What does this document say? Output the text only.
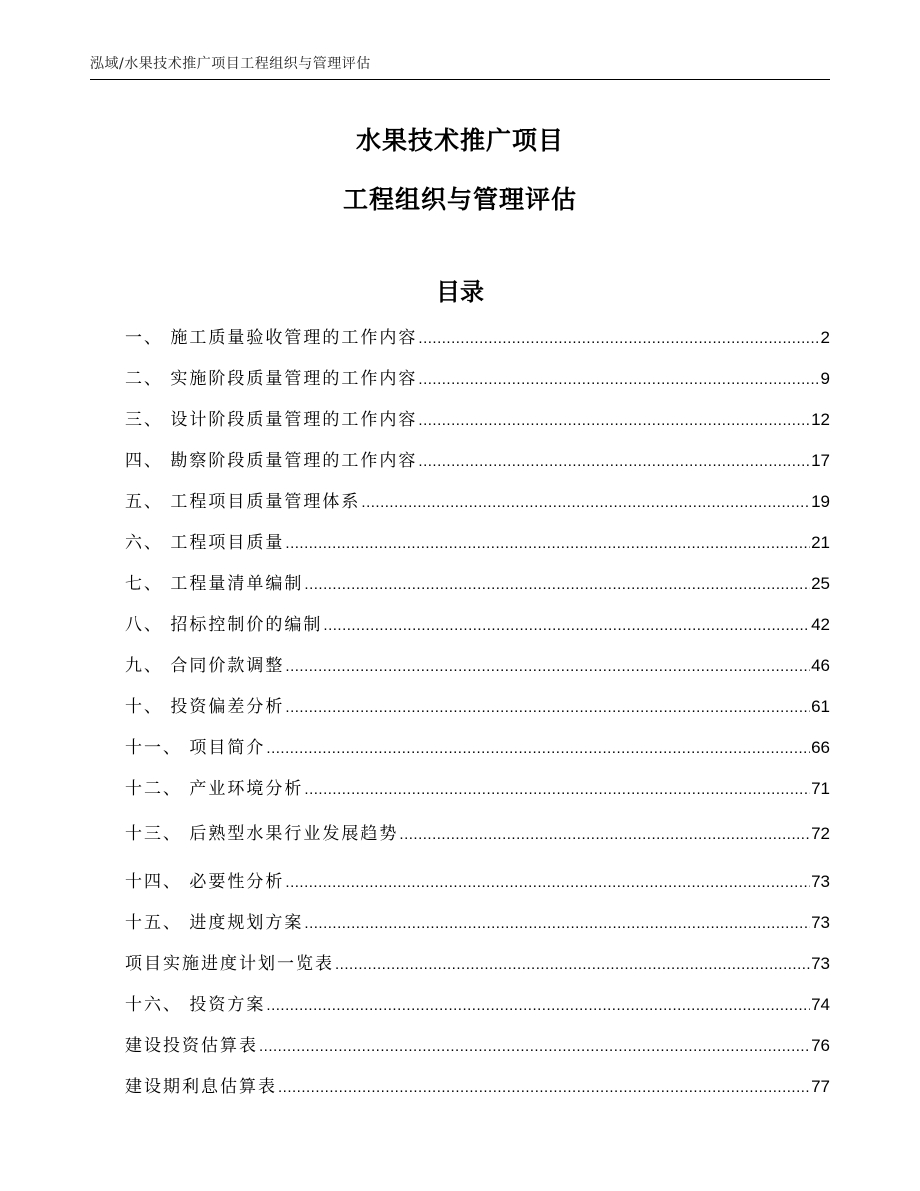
泓域/水果技术推广项目工程组织与管理评估
水果技术推广项目
工程组织与管理评估
目录
一、 施工质量验收管理的工作内容 .....	2
二、 实施阶段质量管理的工作内容 .....	9
三、 设计阶段质量管理的工作内容 .....	12
四、 勘察阶段质量管理的工作内容 .....	17
五、 工程项目质量管理体系 .....	19
六、 工程项目质量 .....	21
七、 工程量清单编制 .....	25
八、 招标控制价的编制 .....	42
九、 合同价款调整 .....	46
十、 投资偏差分析 .....	61
十一、 项目简介 .....	66
十二、 产业环境分析 .....	71
十三、 后熟型水果行业发展趋势 .....	72
十四、 必要性分析 .....	73
十五、 进度规划方案 .....	73
项目实施进度计划一览表 .....	73
十六、 投资方案 .....	74
建设投资估算表 .....	76
建设期利息估算表 .....	77
